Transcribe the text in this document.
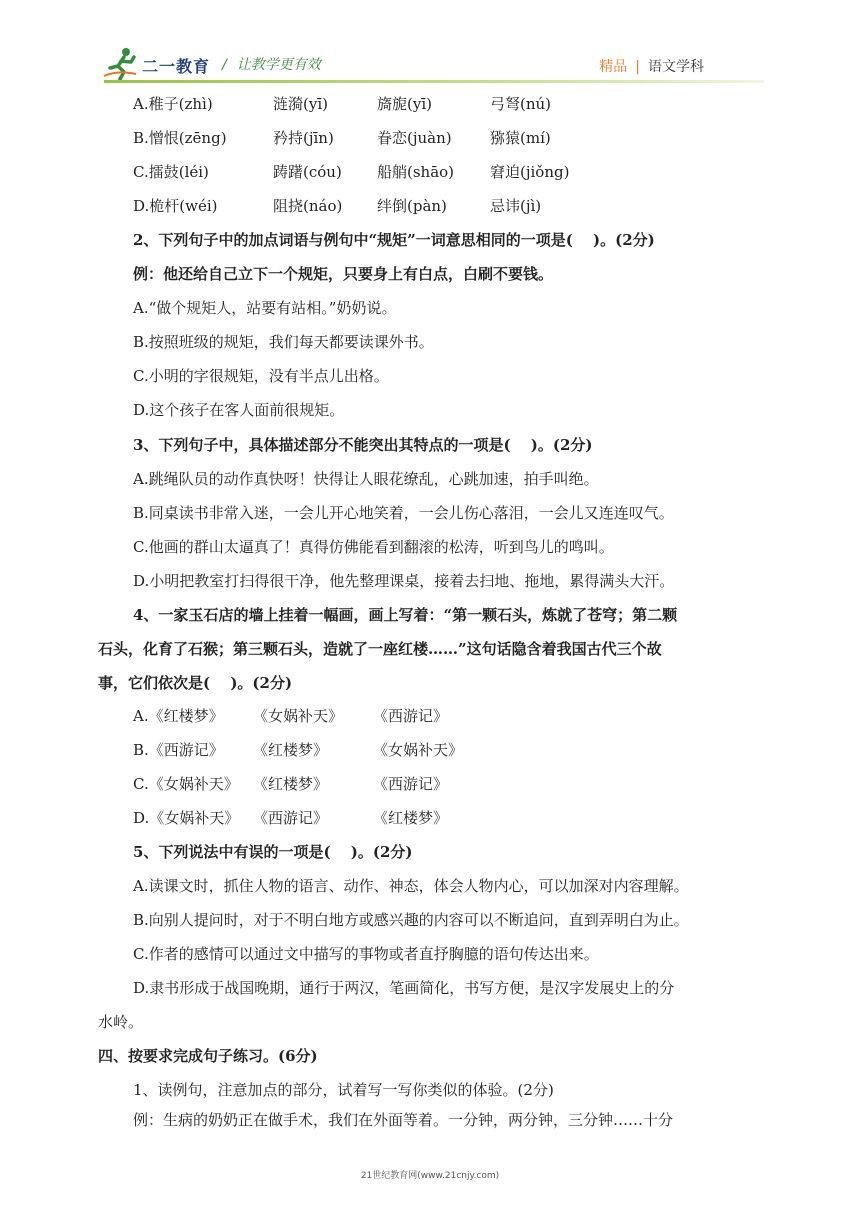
二一教育 / 让教学更有效	精品 | 语文学科
A.稚子(zhì)	涟漪(yī)	旖旎(yī)	弓弩(nú)
B.憎恨(zēng)	矜持(jīn)	眷恋(juàn)	猕猿(mí)
C.擂鼓(léi)	踌躇(cóu) 船艄(shāo) 窘迫(jiǒng)
D.桅杆(wéi)	阻挠(náo) 绊倒(pàn)	忌讳(jì)
2、下列句子中的加点词语与例句中“规矩”一词意思相同的一项是(　 )。(2分)
例：他还给自己立下一个规矩，只要身上有白点，白刷不要钱。
A.“做个规矩人，站要有站相。”奶奶说。
B.按照班级的规矩，我们每天都要读课外书。
C.小明的字很规矩，没有半点儿出格。
D.这个孩子在客人面前很规矩。
3、下列句子中，具体描述部分不能突出其特点的一项是(　 )。(2分)
A.跳绳队员的动作真快呀！快得让人眼花缭乱，心跳加速，拍手叫绝。
B.同桌读书非常入迷，一会儿开心地笑着，一会儿伤心落泪，一会儿又连连叹气。
C.他画的群山太逼真了！真得仿佛能看到翻滚的松涛，听到鸟儿的鸣叫。
D.小明把教室打扫得很干净，他先整理课桌，接着去扫地、拖地，累得满头大汗。
4、一家玉石店的墙上挂着一幅画，画上写着：“第一颗石头，炼就了苍穹；第二颗
石头，化育了石猴；第三颗石头，造就了一座红楼……”这句话隐含着我国古代三个故
事，它们依次是(　 )。(2分)
A.《红楼梦》 《女娲补天》 《西游记》
B.《西游记》 《红楼梦》	《女娲补天》
C.《女娲补天》 《红楼梦》	《西游记》
D.《女娲补天》 《西游记》	《红楼梦》
5、下列说法中有误的一项是(　 )。(2分)
A.读课文时，抓住人物的语言、动作、神态，体会人物内心，可以加深对内容理解。
B.向别人提问时，对于不明白地方或感兴趣的内容可以不断追问，直到弄明白为止。
C.作者的感情可以通过文中描写的事物或者直抒胸臆的语句传达出来。
D.隶书形成于战国晚期，通行于两汉，笔画简化，书写方便，是汉字发展史上的分
水岭。
四、按要求完成句子练习。(6分)
1、读例句，注意加点的部分，试着写一写你类似的体验。(2分)
例：生病的奶奶正在做手术，我们在外面等着。一分钟，两分钟，三分钟……十分
21世纪教育网(www.21cnjy.com)
